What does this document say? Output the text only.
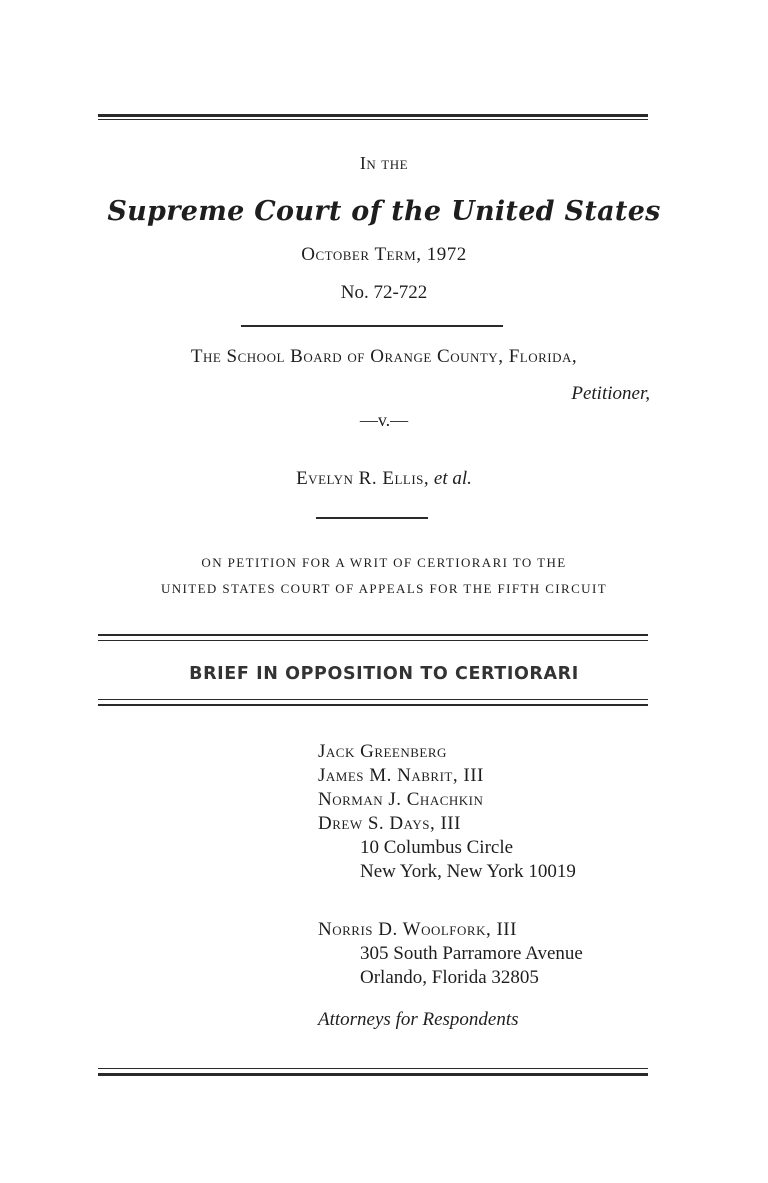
In the
Supreme Court of the United States
October Term, 1972
No. 72-722
The School Board of Orange County, Florida,
Petitioner,
—v.—
Evelyn R. Ellis, et al.
ON PETITION FOR A WRIT OF CERTIORARI TO THE
UNITED STATES COURT OF APPEALS FOR THE FIFTH CIRCUIT
BRIEF IN OPPOSITION TO CERTIORARI
Jack Greenberg
James M. Nabrit, III
Norman J. Chachkin
Drew S. Days, III
10 Columbus Circle
New York, New York 10019
Norris D. Woolfork, III
305 South Parramore Avenue
Orlando, Florida 32805
Attorneys for Respondents
